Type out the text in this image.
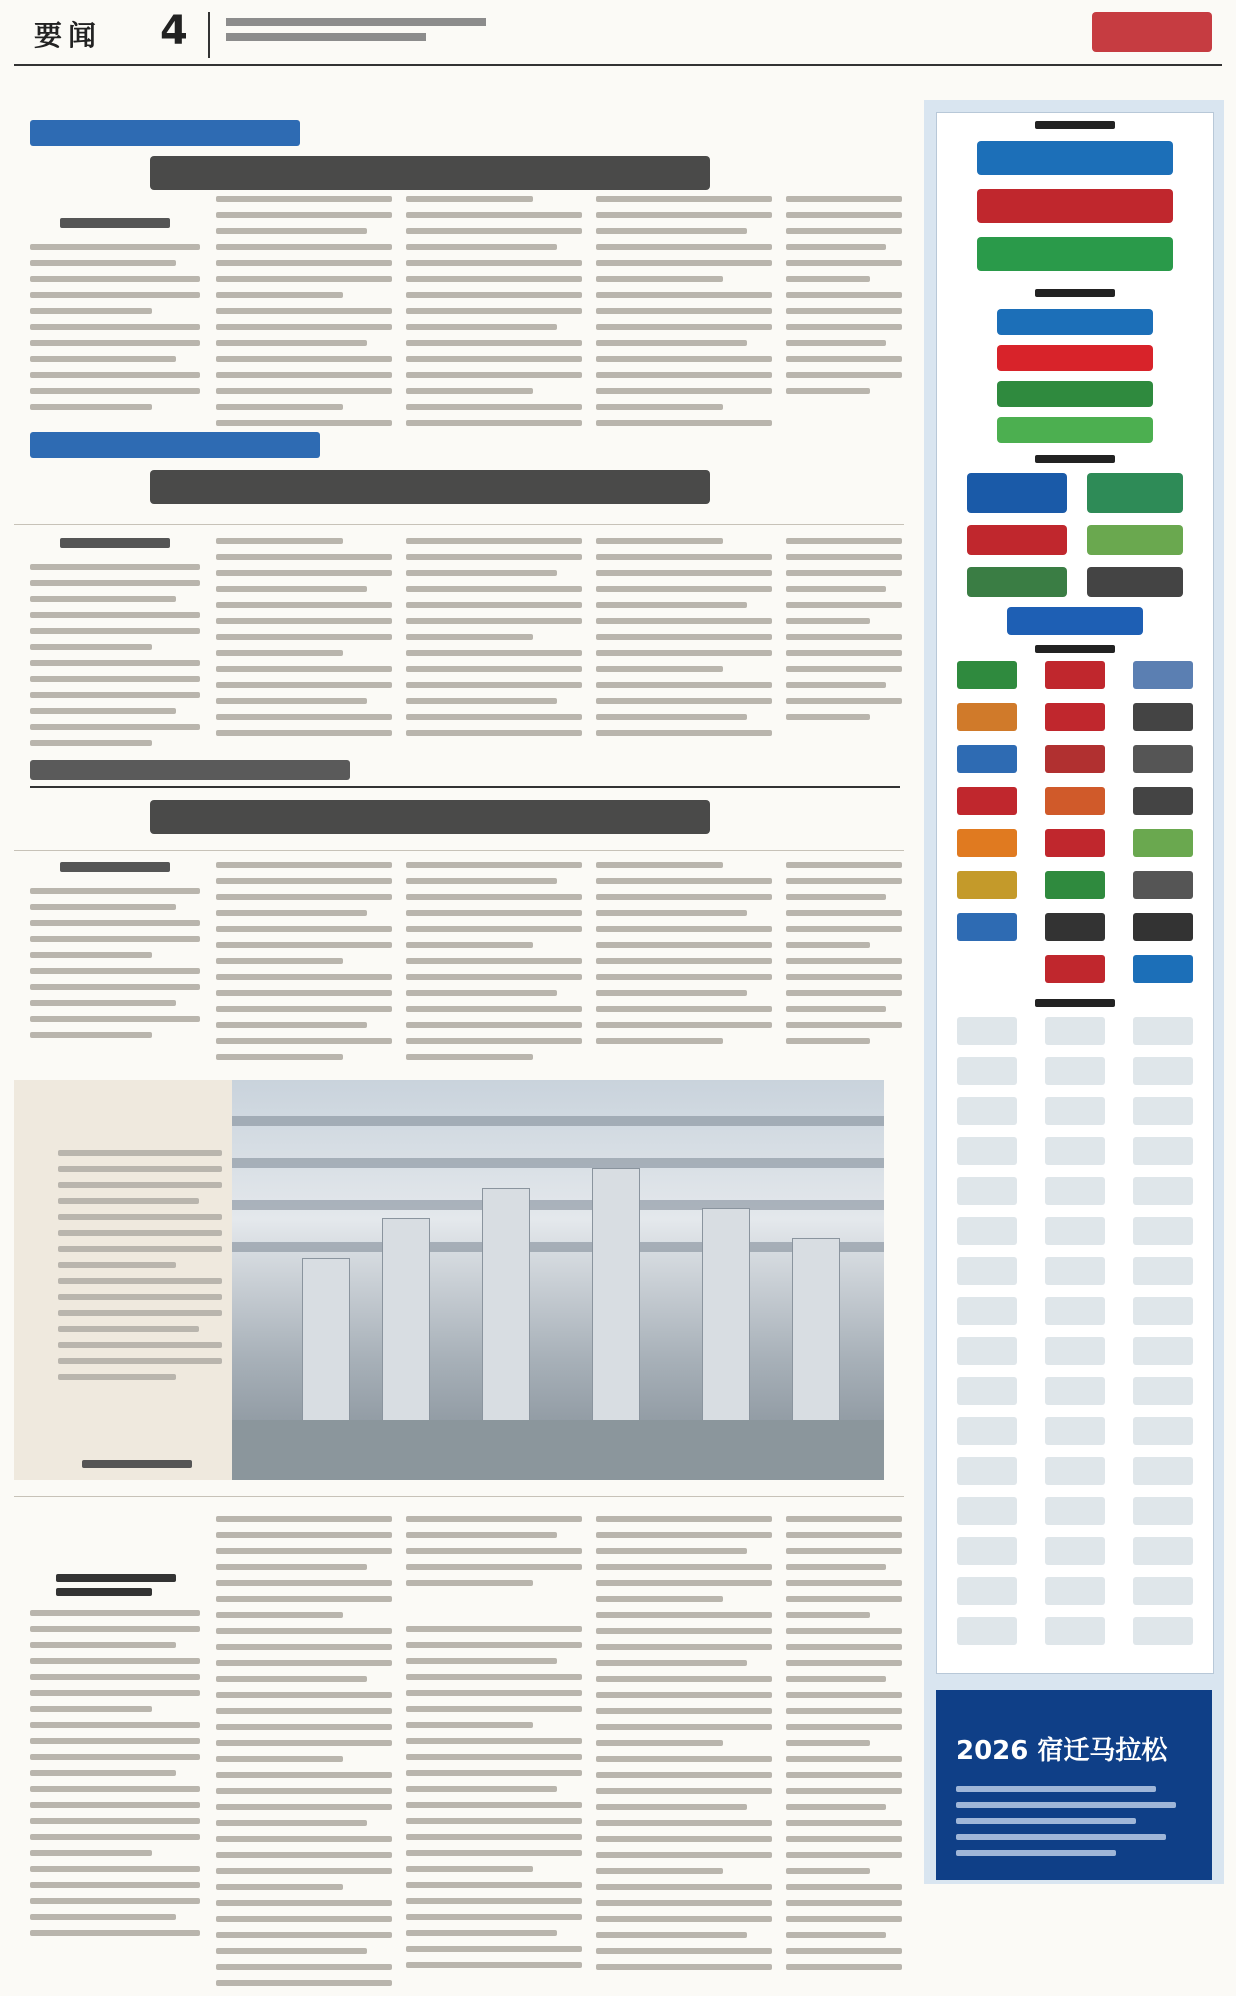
要闻 4
2026 宿迁马拉松
